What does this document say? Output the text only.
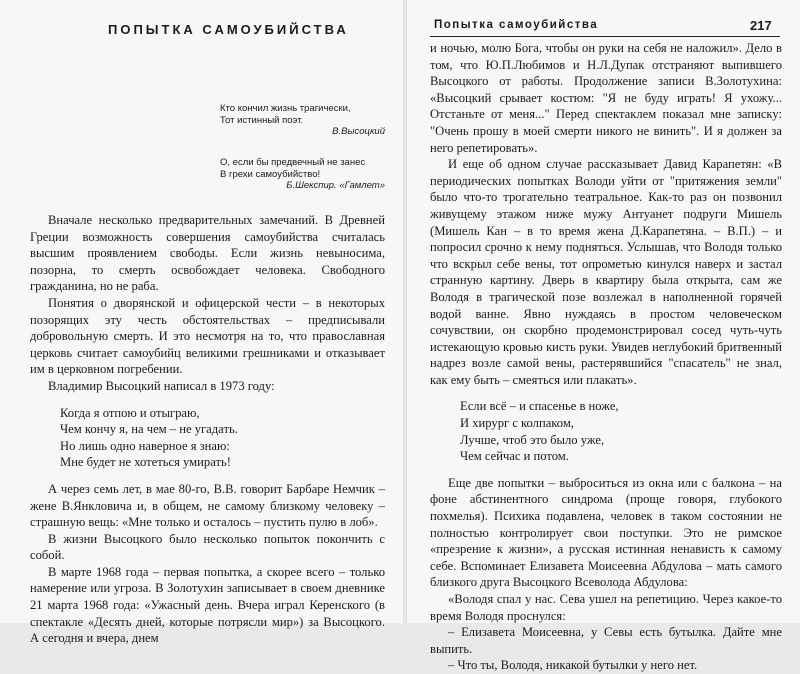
ПОПЫТКА САМОУБИЙСТВА
Кто кончил жизнь трагически,
Тот истинный поэт.
В.Высоцкий
О, если бы предвечный не занес
В грехи самоубийство!
Б.Шекспир. «Гамлет»

Вначале несколько предварительных замечаний. В Древней Греции возможность совершения самоубийства считалась высшим проявлением свободы. Если жизнь невыносима, позорна, то смерть освобождает человека. Свободного гражданина, но не раба.

Понятия о дворянской и офицерской чести – в некоторых позорящих эту честь обстоятельствах – предписывали добровольную смерть. И это несмотря на то, что православная церковь считает самоубийц великими грешниками и отказывает им в церковном погребении.

Владимир Высоцкий написал в 1973 году:

Когда я отпою и отыграю,
Чем кончу я, на чем – не угадать.
Но лишь одно наверное я знаю:
Мне будет не хотеться умирать!

А через семь лет, в мае 80-го, В.В. говорит Барбаре Немчик – жене В.Янкловича и, в общем, не самому близкому человеку – страшную вещь: «Мне только и осталось – пустить пулю в лоб».

В жизни Высоцкого было несколько попыток покончить с собой.

В марте 1968 года – первая попытка, а скорее всего – только намерение или угроза. В Золотухин записывает в своем дневнике 21 марта 1968 года: «Ужасный день. Вчера играл Керенского (в спектакле «Десять дней, которые потрясли мир») за Высоцкого. А сегодня и вчера, днем

Попытка самоубийства	217

и ночью, молю Бога, чтобы он руки на себя не наложил». Дело в том, что Ю.П.Любимов и Н.Л.Дупак отстраняют выпившего Высоцкого от работы. Продолжение записи В.Золотухина: «Высоцкий срывает костюм: "Я не буду играть! Я ухожу... Отстаньте от меня..." Перед спектаклем показал мне записку: "Очень прошу в моей смерти никого не винить". И я должен за него репетировать».

И еще об одном случае рассказывает Давид Карапетян: «В периодических попытках Володи уйти от "притяжения земли" было что-то трогательно театральное. Как-то раз он позвонил живущему этажом ниже мужу Антуанет подруги Мишель (Мишель Кан – в то время жена Д.Карапетяна. – В.П.) – и попросил срочно к нему подняться. Услышав, что Володя только что вскрыл себе вены, тот опрометью кинулся наверх и застал странную картину. Дверь в квартиру была открыта, сам же Володя в трагической позе возлежал в наполненной горячей водой ванне. Явно нуждаясь в простом человеческом сочувствии, он скорбно продемонстрировал сосед чуть-чуть истекающую кровью кисть руки. Увидев неглубокий бритвенный надрез возле самой вены, растерявшийся "спасатель" не знал, как ему быть – смеяться или плакать».

Если всё – и спасенье в ноже,
И хирург с колпаком,
Лучше, чтоб это было уже,
Чем сейчас и потом.

Еще две попытки – выброситься из окна или с балкона – на фоне абстинентного синдрома (проще говоря, глубокого похмелья). Психика подавлена, человек в таком состоянии не полностью контролирует свои поступки. Это не римское «презрение к жизни», а русская истинная ненависть к самому себе. Вспоминает Елизавета Моисеевна Абдулова – мать самого близкого друга Высоцкого Всеволода Абдулова:

«Володя спал у нас. Сева ушел на репетицию. Через какое-то время Володя проснулся:

– Елизавета Моисеевна, у Севы есть бутылка. Дайте мне выпить.

– Что ты, Володя, никакой бутылки у него нет.
